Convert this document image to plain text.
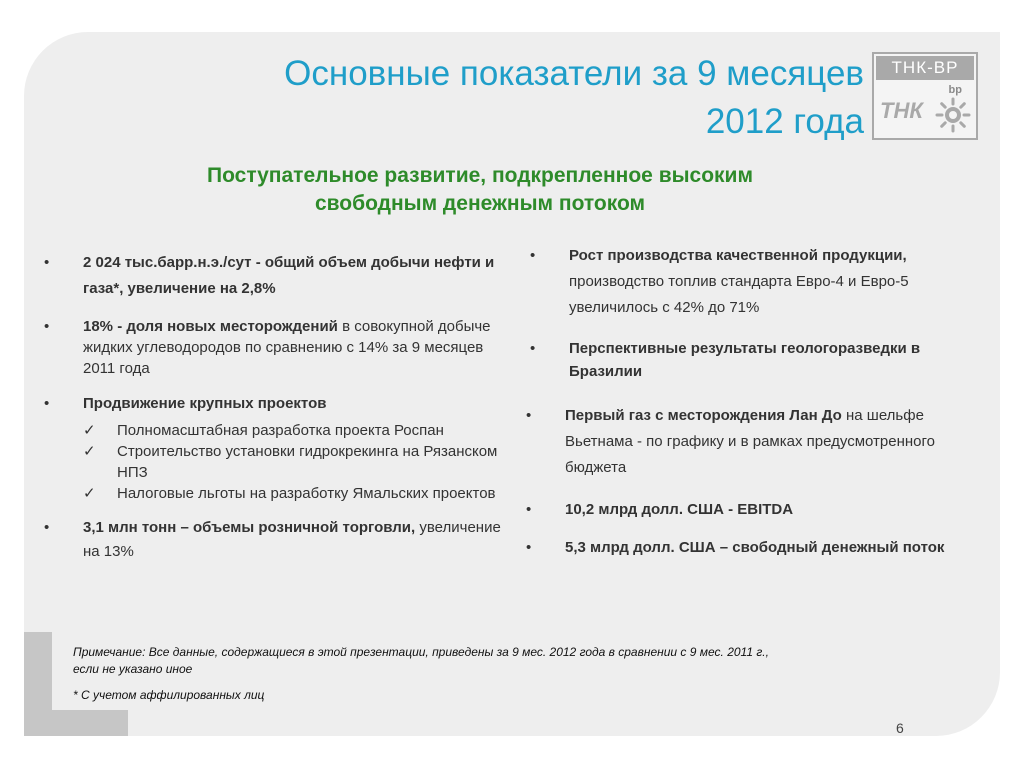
Основные показатели за 9 месяцев
2012 года
ТНК-ВР
ТНК
bp
Поступательное развитие, подкрепленное высоким
свободным денежным потоком
•	2 024 тыс.барр.н.э./сут - общий объем добычи нефти и газа*, увеличение на 2,8%
•	18% - доля новых месторождений в совокупной добыче жидких углеводородов по сравнению с 14% за 9 месяцев 2011 года
•	Продвижение крупных проектов
✓ Полномасштабная разработка проекта Роспан
✓ Строительство установки гидрокрекинга на Рязанском НПЗ
✓ Налоговые льготы на разработку Ямальских проектов
•	3,1 млн тонн – объемы розничной торговли, увеличение на 13%
•	Рост производства качественной продукции, производство топлив стандарта Евро-4 и Евро-5 увеличилось с 42% до 71%
•	Перспективные результаты геологоразведки в Бразилии
•	Первый газ с месторождения Лан До на шельфе Вьетнама - по графику и в рамках предусмотренного бюджета
•	10,2 млрд долл. США - EBITDA
•	5,3 млрд долл. США – свободный денежный поток
Примечание: Все данные, содержащиеся в этой презентации, приведены за 9 мес. 2012 года в сравнении с 9 мес. 2011 г.,
если не указано иное
* С учетом аффилированных лиц
6
